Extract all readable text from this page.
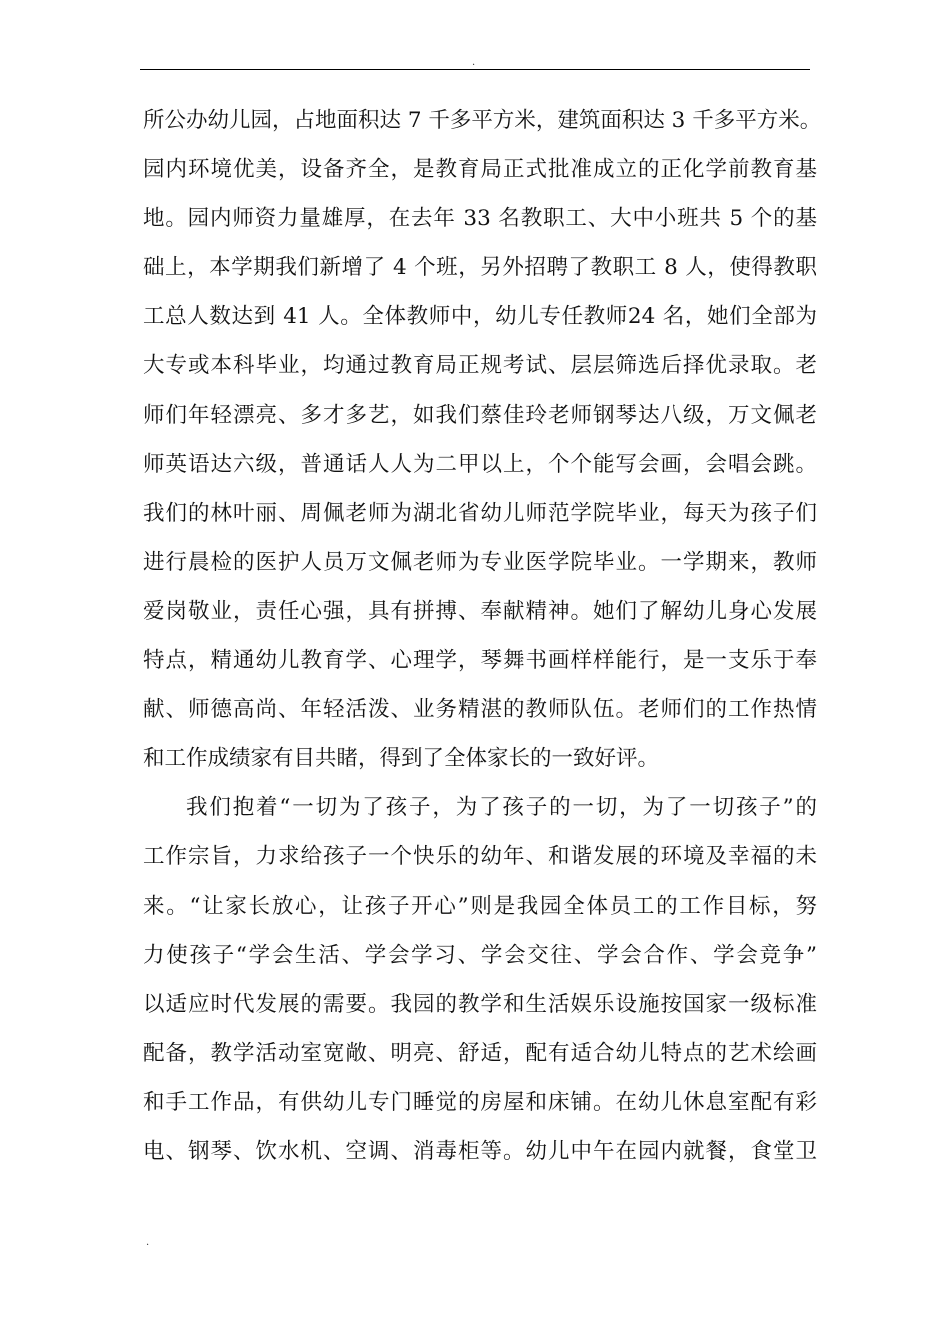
.
所公办幼儿园，占地面积达 7 千多平方米，建筑面积达 3 千多平方米。
园内环境优美，设备齐全，是教育局正式批准成立的正化学前教育基
地。园内师资力量雄厚，在去年 33 名教职工、大中小班共 5 个的基
础上，本学期我们新增了 4 个班，另外招聘了教职工 8 人，使得教职
工总人数达到 41 人。全体教师中，幼儿专任教师24 名，她们全部为
大专或本科毕业，均通过教育局正规考试、层层筛选后择优录取。老
师们年轻漂亮、多才多艺，如我们蔡佳玲老师钢琴达八级，万文佩老
师英语达六级，普通话人人为二甲以上，个个能写会画，会唱会跳。
我们的林叶丽、周佩老师为湖北省幼儿师范学院毕业，每天为孩子们
进行晨检的医护人员万文佩老师为专业医学院毕业。一学期来，教师
爱岗敬业，责任心强，具有拼搏、奉献精神。她们了解幼儿身心发展
特点，精通幼儿教育学、心理学，琴舞书画样样能行，是一支乐于奉
献、师德高尚、年轻活泼、业务精湛的教师队伍。老师们的工作热情
和工作成绩家有目共睹，得到了全体家长的一致好评。
我们抱着“一切为了孩子，为了孩子的一切，为了一切孩子”的
工作宗旨，力求给孩子一个快乐的幼年、和谐发展的环境及幸福的未
来。“让家长放心，让孩子开心”则是我园全体员工的工作目标，努
力使孩子“学会生活、学会学习、学会交往、学会合作、学会竞争”
以适应时代发展的需要。我园的教学和生活娱乐设施按国家一级标准
配备，教学活动室宽敞、明亮、舒适，配有适合幼儿特点的艺术绘画
和手工作品，有供幼儿专门睡觉的房屋和床铺。在幼儿休息室配有彩
电、钢琴、饮水机、空调、消毒柜等。幼儿中午在园内就餐，食堂卫
.
